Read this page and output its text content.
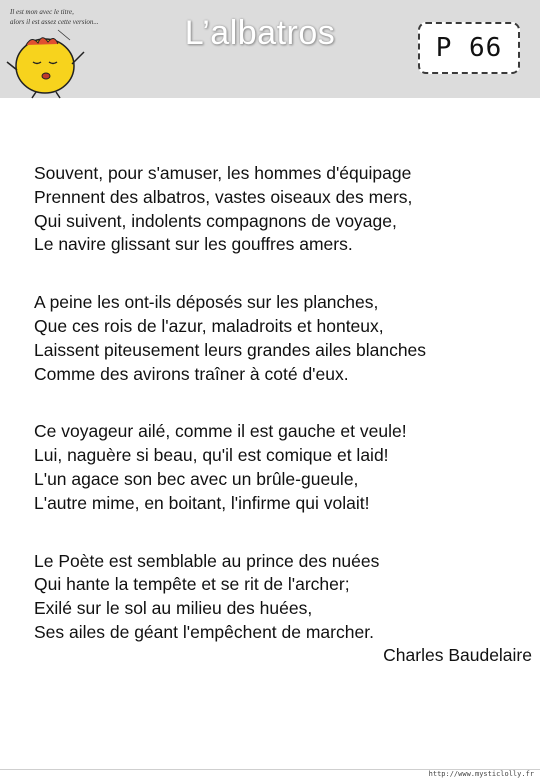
Il est mon avec le titre,
alors il est assez cette version...	L’albatros	P 66
Souvent, pour s'amuser, les hommes d'équipage
Prennent des albatros, vastes oiseaux des mers,
Qui suivent, indolents compagnons de voyage,
Le navire glissant sur les gouffres amers.
A peine les ont-ils déposés sur les planches,
Que ces rois de l'azur, maladroits et honteux,
Laissent piteusement leurs grandes ailes blanches
Comme des avirons traîner à coté d'eux.
Ce voyageur ailé, comme il est gauche et veule!
Lui, naguère si beau, qu'il est comique et laid!
L'un agace son bec avec un brûle-gueule,
L'autre mime, en boitant, l'infirme qui volait!
Le Poète est semblable au prince des nuées
Qui hante la tempête et se rit de l'archer;
Exilé sur le sol au milieu des huées,
Ses ailes de géant l'empêchent de marcher.
Charles Baudelaire
http://www.mysticlolly.fr
